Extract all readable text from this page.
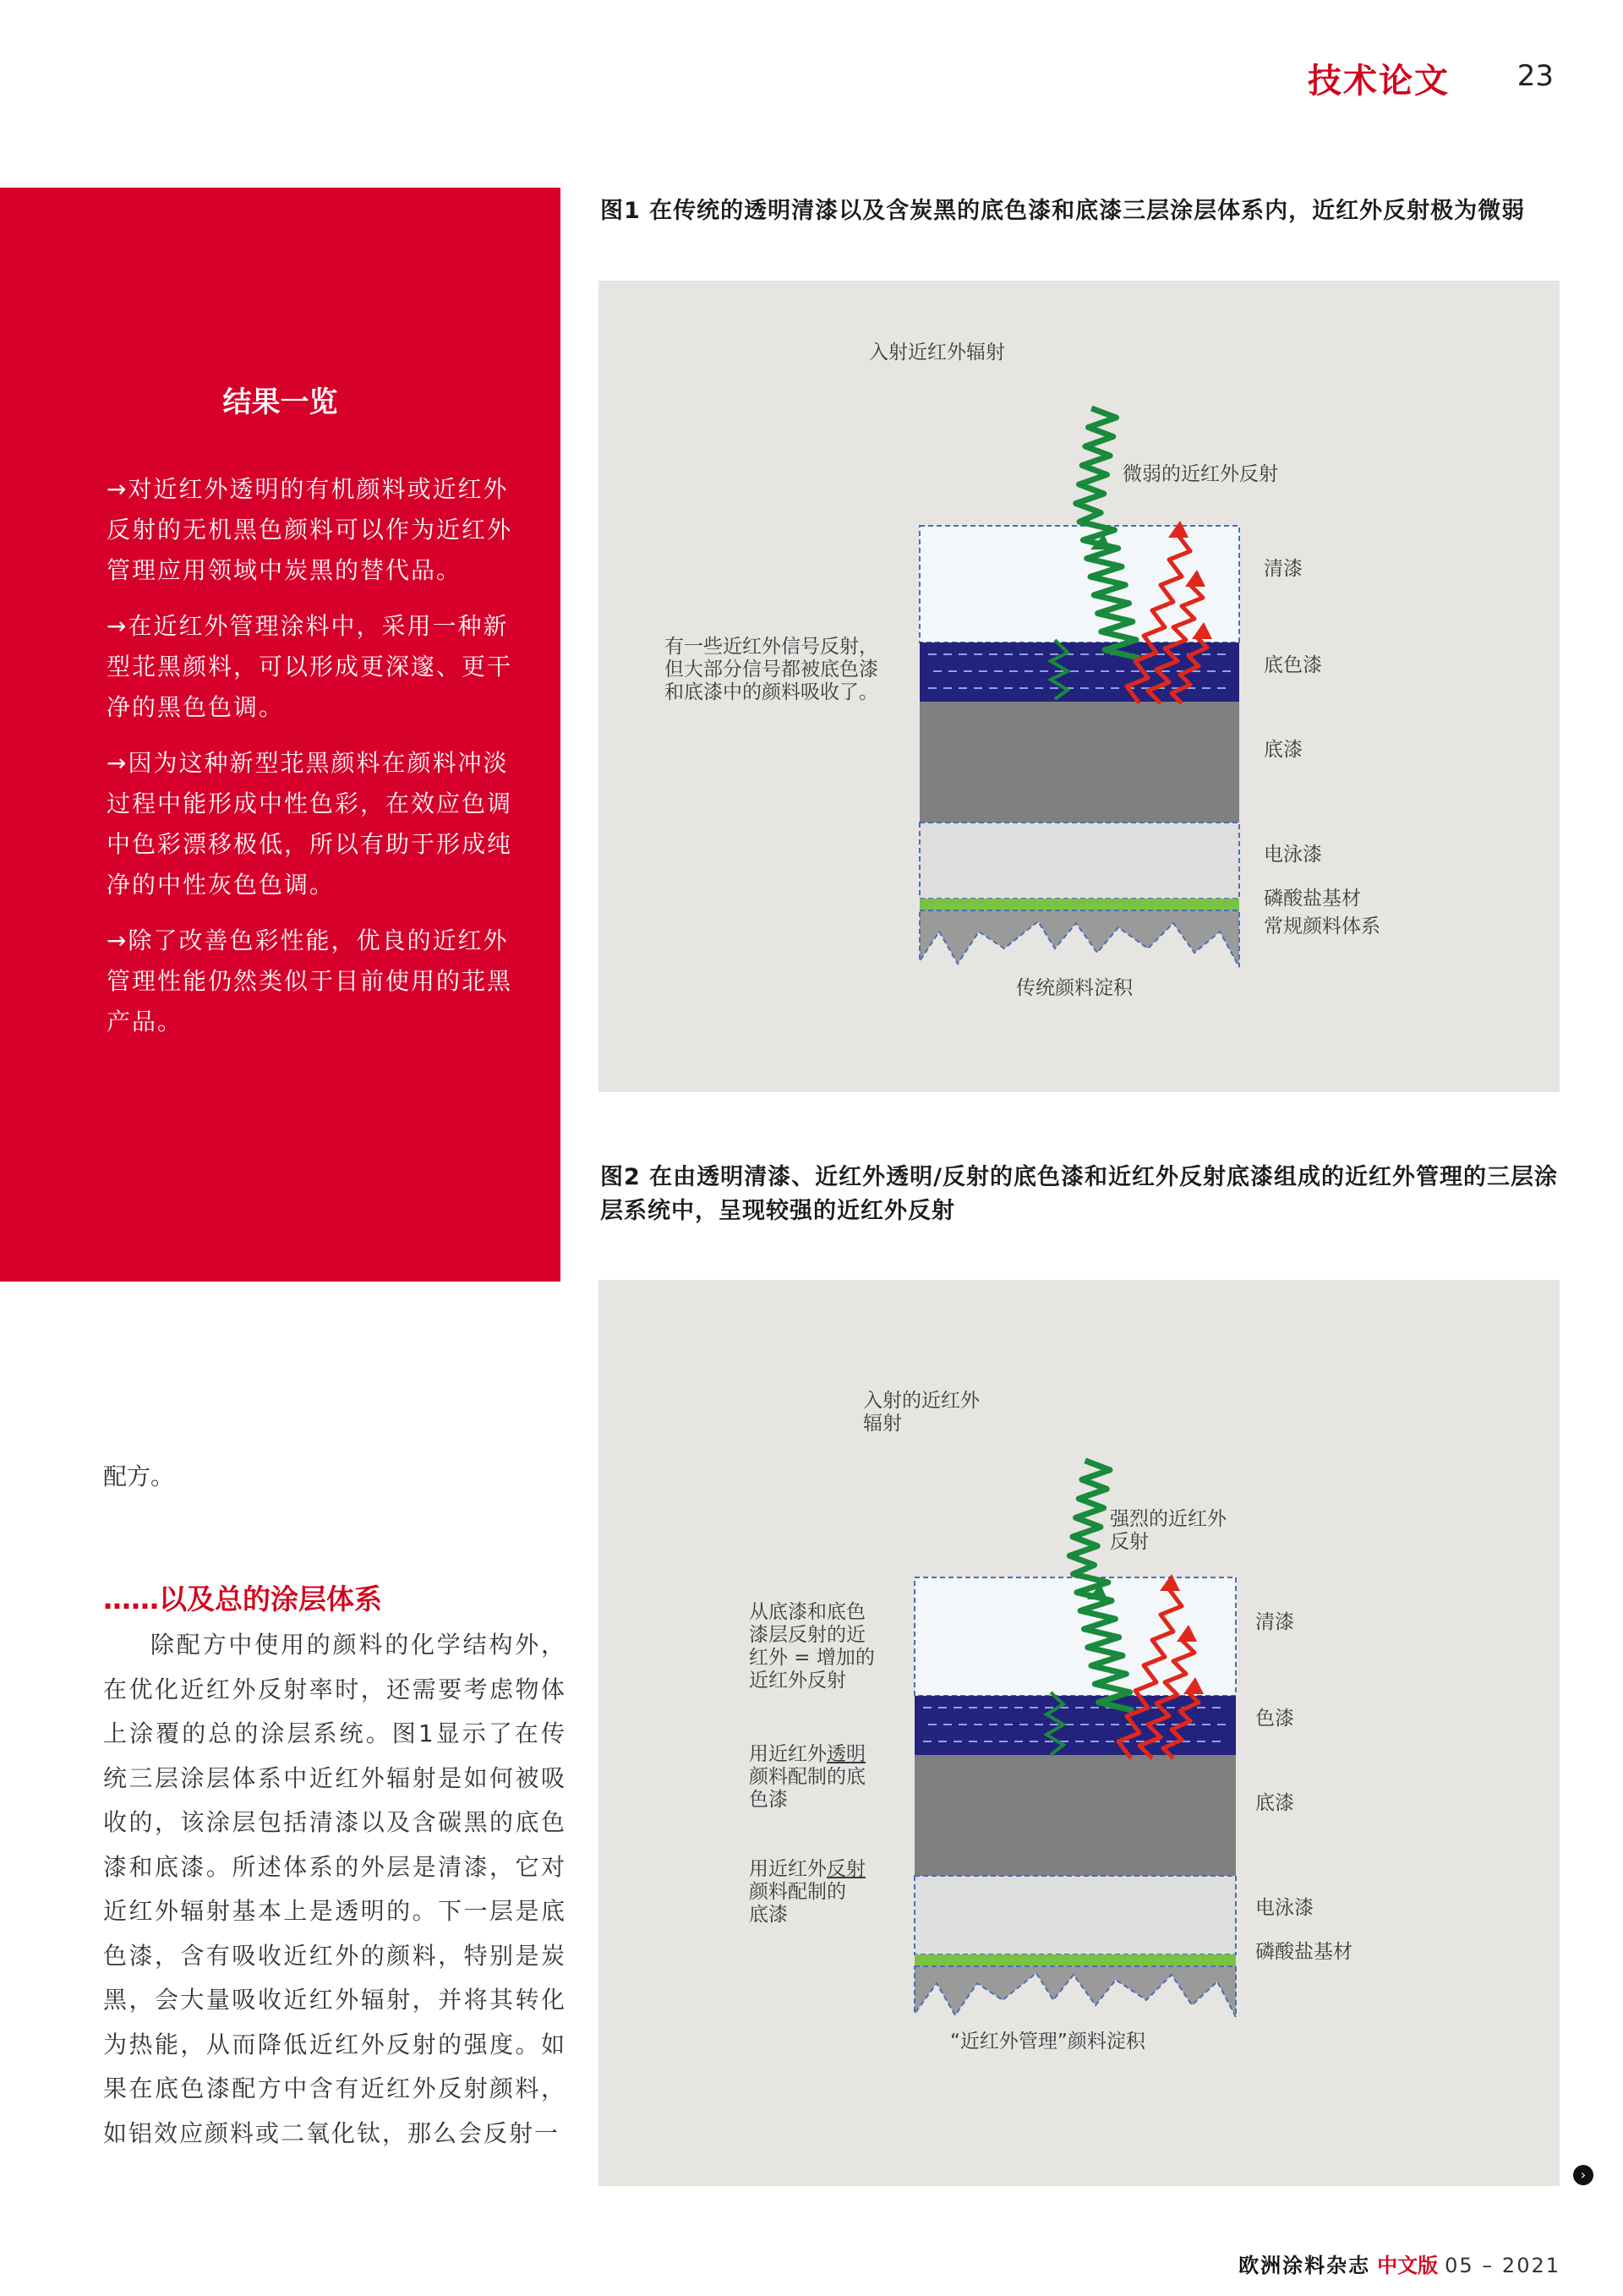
技术论文 23
结果一览
→对近红外透明的有机颜料或近红外反射的无机黑色颜料可以作为近红外管理应用领域中炭黑的替代品。
→在近红外管理涂料中，采用一种新型苝黑颜料，可以形成更深邃、更干净的黑色色调。
→因为这种新型苝黑颜料在颜料冲淡过程中能形成中性色彩，在效应色调中色彩漂移极低，所以有助于形成纯净的中性灰色色调。
→除了改善色彩性能，优良的近红外管理性能仍然类似于目前使用的苝黑产品。
图1 在传统的透明清漆以及含炭黑的底色漆和底漆三层涂层体系内，近红外反射极为微弱
入射近红外辐射
微弱的近红外反射
有一些近红外信号反射，
但大部分信号都被底色漆
和底漆中的颜料吸收了。
清漆
底色漆
底漆
电泳漆
磷酸盐基材
常规颜料体系
传统颜料淀积
图2 在由透明清漆、近红外透明/反射的底色漆和近红外反射底漆组成的近红外管理的三层涂层系统中，呈现较强的近红外反射
入射的近红外
辐射
强烈的近红外
反射
从底漆和底色
漆层反射的近
红外 = 增加的
近红外反射
用近红外透明
颜料配制的底
色漆
用近红外反射
颜料配制的
底漆
清漆
色漆
底漆
电泳漆
磷酸盐基材
“近红外管理”颜料淀积
配方。
……以及总的涂层体系

除配方中使用的颜料的化学结构外，在优化近红外反射率时，还需要考虑物体上涂覆的总的涂层系统。图1显示了在传统三层涂层体系中近红外辐射是如何被吸收的，该涂层包括清漆以及含碳黑的底色漆和底漆。所述体系的外层是清漆，它对近红外辐射基本上是透明的。下一层是底色漆，含有吸收近红外的颜料，特别是炭黑，会大量吸收近红外辐射，并将其转化为热能，从而降低近红外反射的强度。如果在底色漆配方中含有近红外反射颜料，如铝效应颜料或二氧化钛，那么会反射一

›
欧洲涂料杂志 中文版 05 – 2021
